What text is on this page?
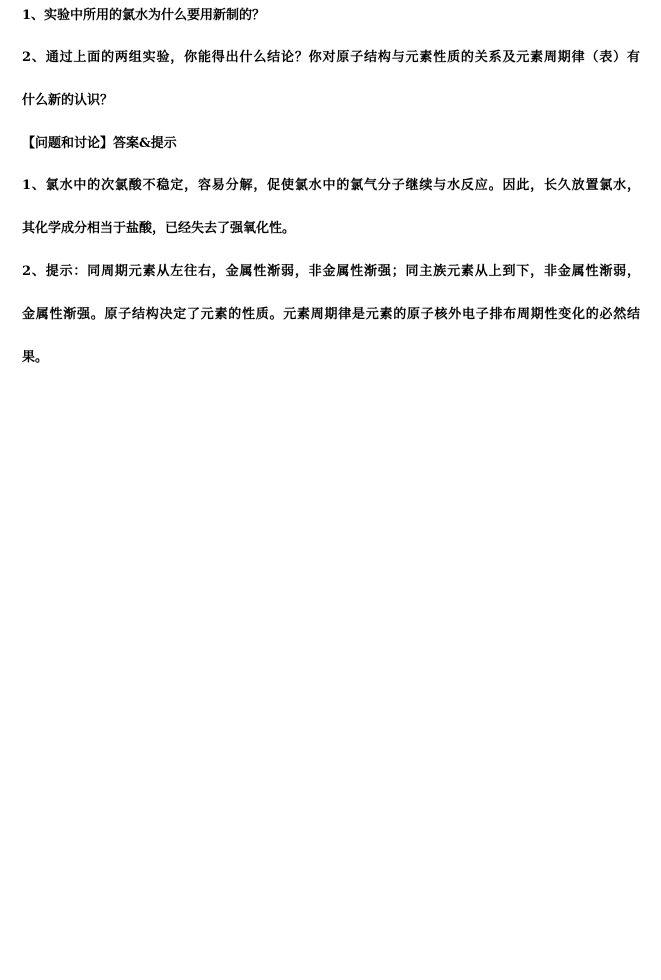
1、实验中所用的氯水为什么要用新制的？
2、通过上面的两组实验，你能得出什么结论？你对原子结构与元素性质的关系及元素周期律（表）有
什么新的认识？
【问题和讨论】答案&提示
1、氯水中的次氯酸不稳定，容易分解，促使氯水中的氯气分子继续与水反应。因此，长久放置氯水，
其化学成分相当于盐酸，已经失去了强氧化性。
2、提示：同周期元素从左往右，金属性渐弱，非金属性渐强；同主族元素从上到下，非金属性渐弱，
金属性渐强。原子结构决定了元素的性质。元素周期律是元素的原子核外电子排布周期性变化的必然结
果。
